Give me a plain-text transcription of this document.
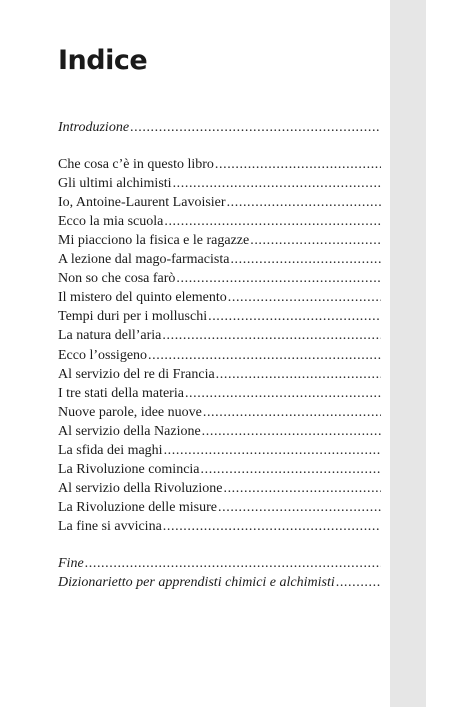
Indice
Introduzione
.....
Che cosa c’è in questo libro
.....
Gli ultimi alchimisti
.....
Io, Antoine-Laurent Lavoisier
.....
Ecco la mia scuola
.....
Mi piacciono la fisica e le ragazze
.....
A lezione dal mago-farmacista
.....
Non so che cosa farò
.....
Il mistero del quinto elemento
.....
Tempi duri per i molluschi
.....
La natura dell’aria
.....
Ecco l’ossigeno
.....
Al servizio del re di Francia
.....
I tre stati della materia
.....
Nuove parole, idee nuove
.....
Al servizio della Nazione
.....
La sfida dei maghi
.....
La Rivoluzione comincia
.....
Al servizio della Rivoluzione
.....
La Rivoluzione delle misure
.....
La fine si avvicina
.....
Fine
.....
Dizionarietto per apprendisti chimici e alchimisti
.....
